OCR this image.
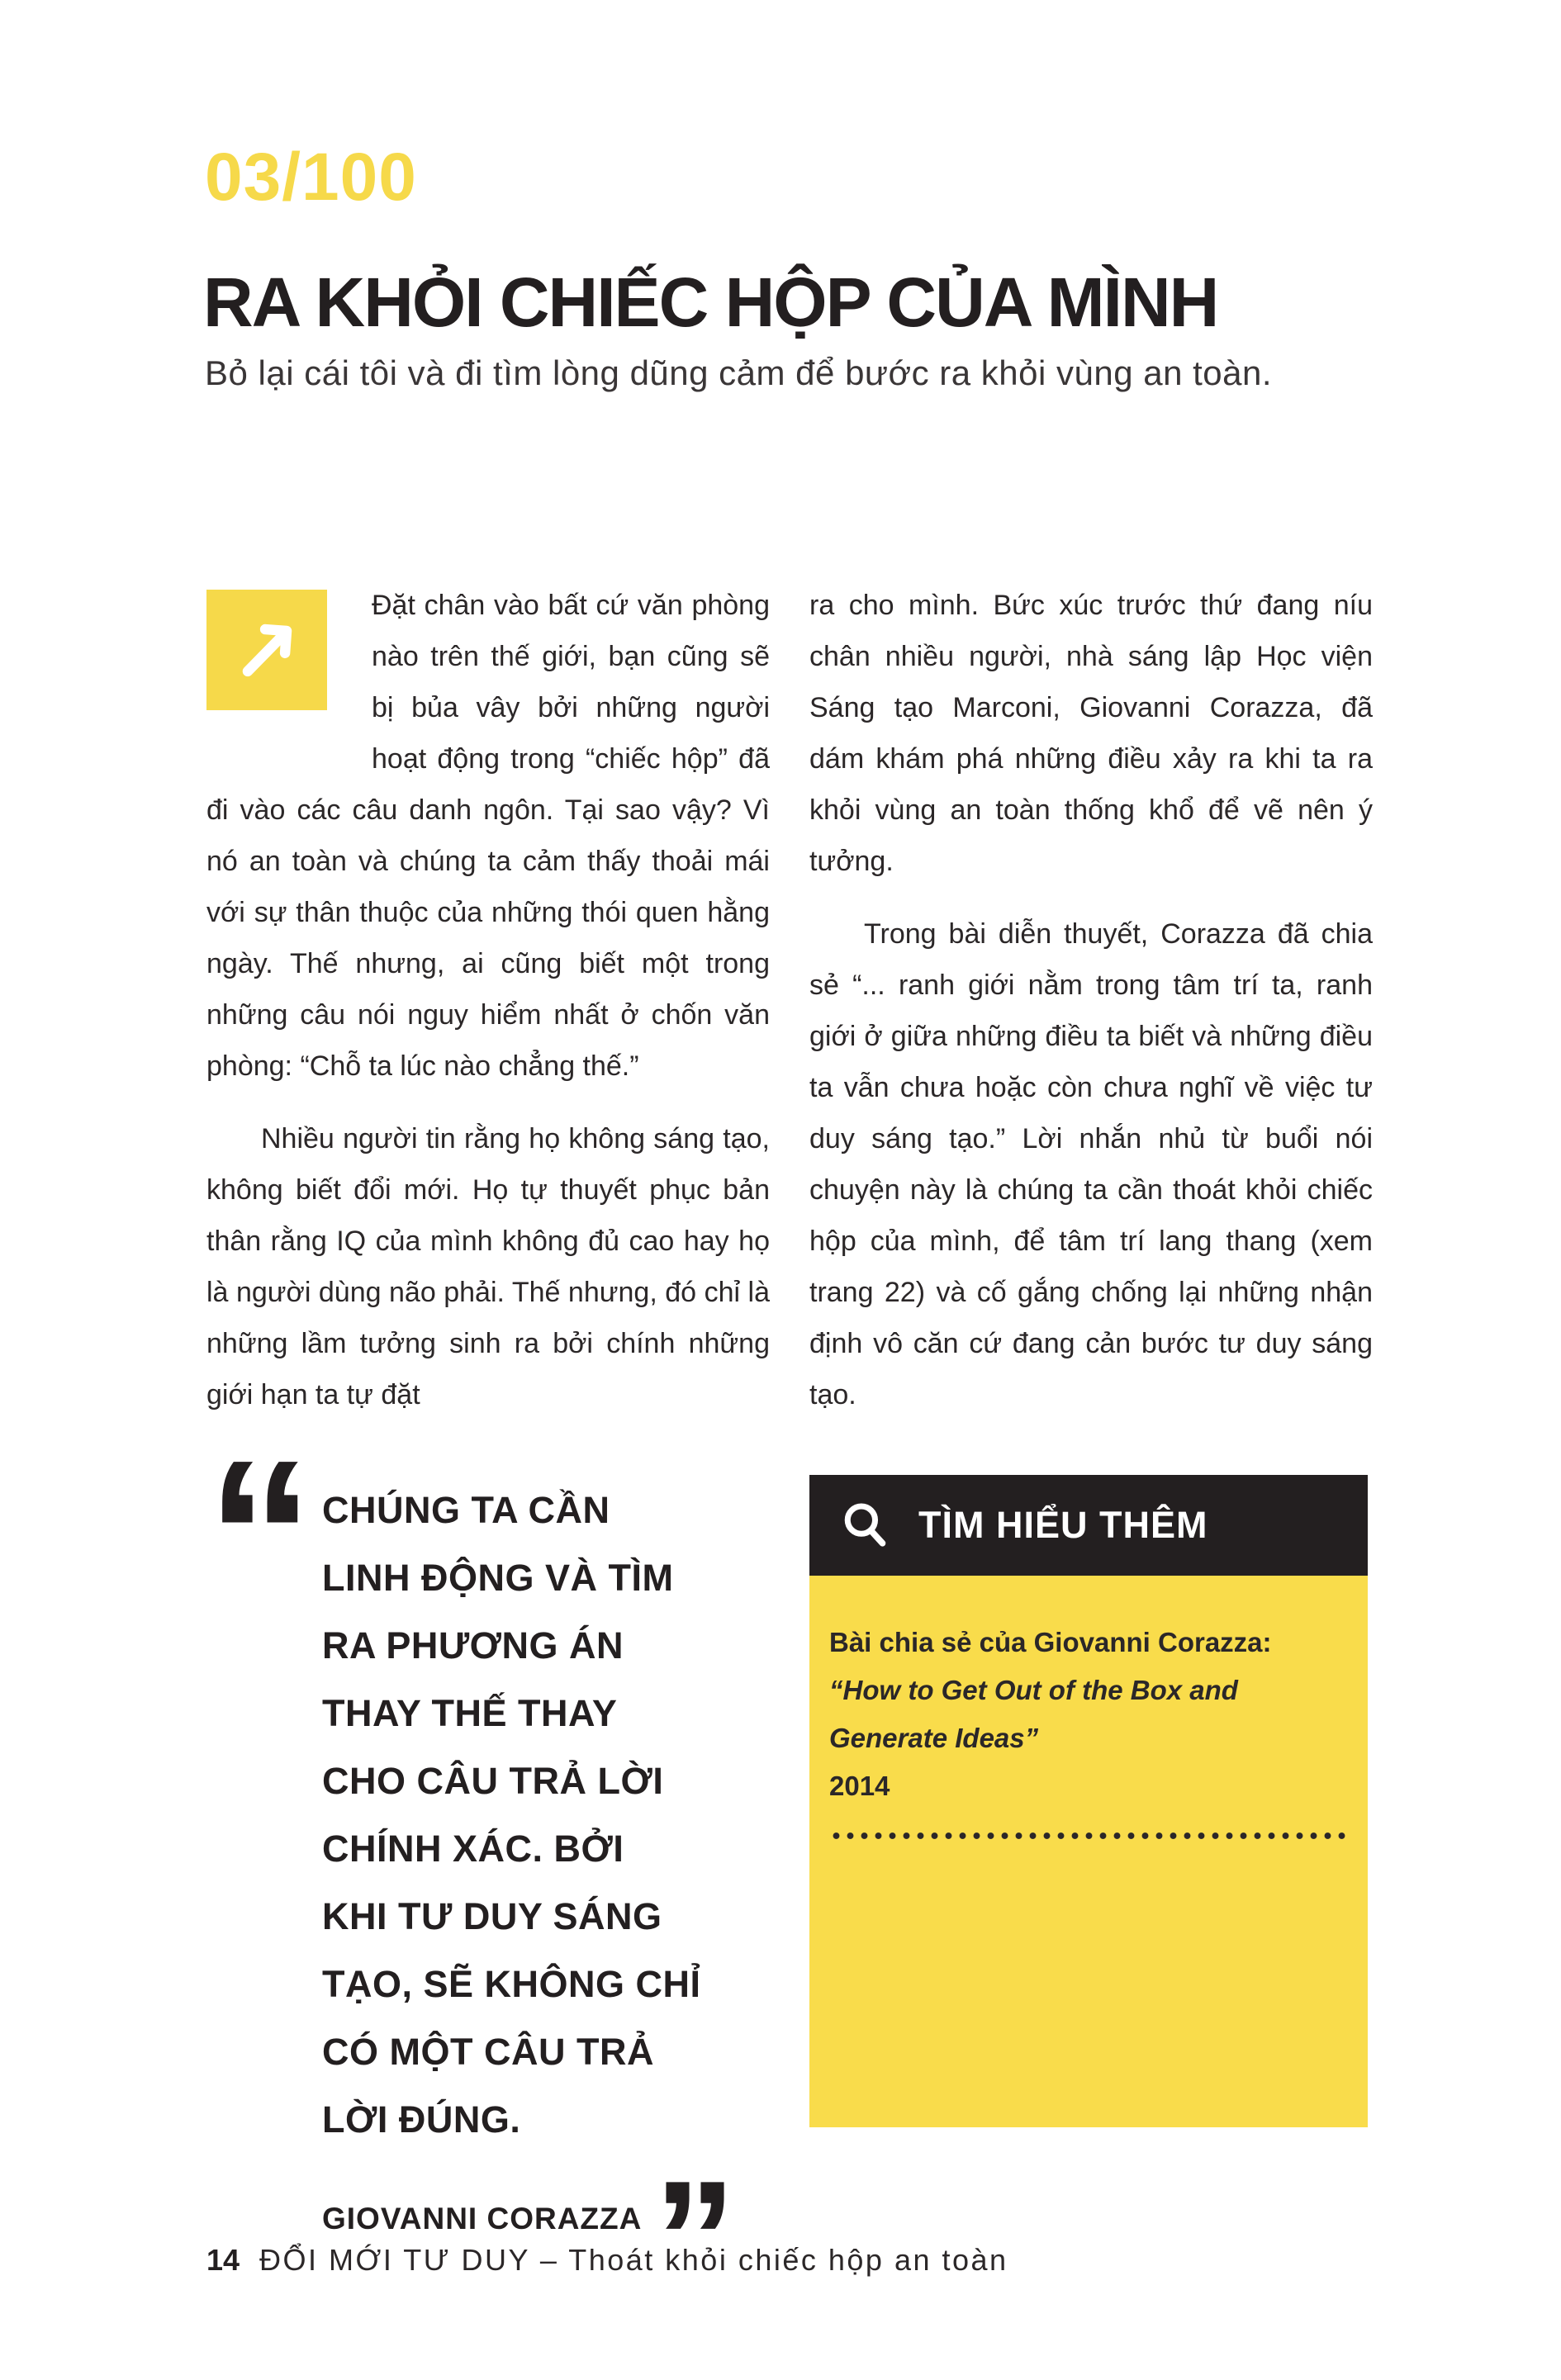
03/100
RA KHỎI CHIẾC HỘP CỦA MÌNH
Bỏ lại cái tôi và đi tìm lòng dũng cảm để bước ra khỏi vùng an toàn.

Đặt chân vào bất cứ văn phòng nào trên thế giới, bạn cũng sẽ bị bủa vây bởi những người hoạt động trong “chiếc hộp” đã đi vào các câu danh ngôn. Tại sao vậy? Vì nó an toàn và chúng ta cảm thấy thoải mái với sự thân thuộc của những thói quen hằng ngày. Thế nhưng, ai cũng biết một trong những câu nói nguy hiểm nhất ở chốn văn phòng: “Chỗ ta lúc nào chẳng thế.”

Nhiều người tin rằng họ không sáng tạo, không biết đổi mới. Họ tự thuyết phục bản thân rằng IQ của mình không đủ cao hay họ là người dùng não phải. Thế nhưng, đó chỉ là những lầm tưởng sinh ra bởi chính những giới hạn ta tự đặt

ra cho mình. Bức xúc trước thứ đang níu chân nhiều người, nhà sáng lập Học viện Sáng tạo Marconi, Giovanni Corazza, đã dám khám phá những điều xảy ra khi ta ra khỏi vùng an toàn thống khổ để vẽ nên ý tưởng.

Trong bài diễn thuyết, Corazza đã chia sẻ “... ranh giới nằm trong tâm trí ta, ranh giới ở giữa những điều ta biết và những điều ta vẫn chưa hoặc còn chưa nghĩ về việc tư duy sáng tạo.” Lời nhắn nhủ từ buổi nói chuyện này là chúng ta cần thoát khỏi chiếc hộp của mình, để tâm trí lang thang (xem trang 22) và cố gắng chống lại những nhận định vô căn cứ đang cản bước tư duy sáng tạo.

“ CHÚNG TA CẦN
LINH ĐỘNG VÀ TÌM
RA PHƯƠNG ÁN
THAY THẾ THAY
CHO CÂU TRẢ LỜI
CHÍNH XÁC. BỞI
KHI TƯ DUY SÁNG
TẠO, SẼ KHÔNG CHỈ
CÓ MỘT CÂU TRẢ
LỜI ĐÚNG.
GIOVANNI CORAZZA ”
TÌM HIỂU THÊM
Bài chia sẻ của Giovanni Corazza:
“How to Get Out of the Box and Generate Ideas”
2014
14 ĐỔI MỚI TƯ DUY – Thoát khỏi chiếc hộp an toàn
